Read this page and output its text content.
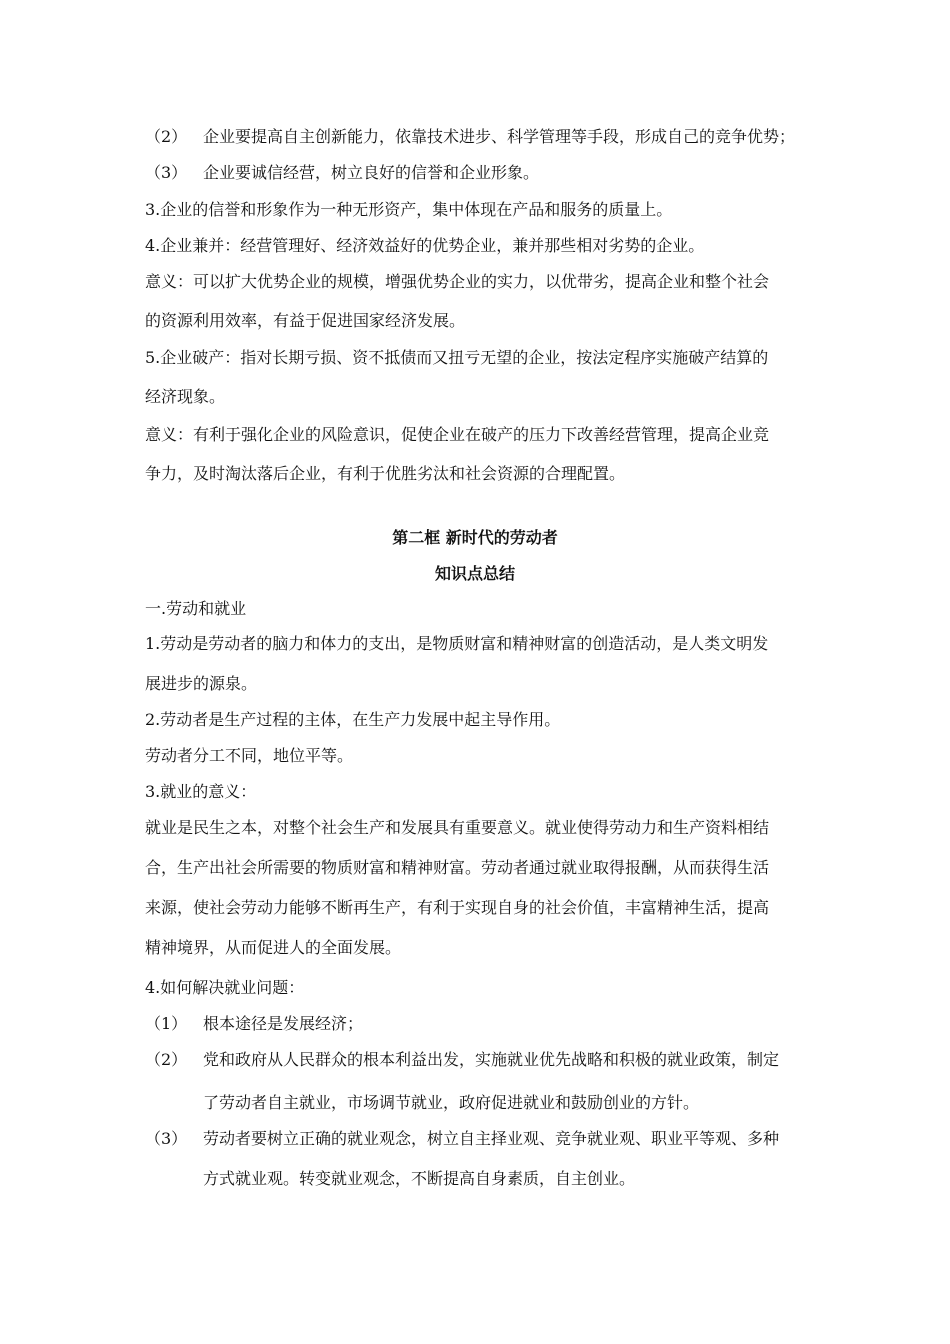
（2） 企业要提高自主创新能力，依靠技术进步、科学管理等手段，形成自己的竞争优势；
（3） 企业要诚信经营，树立良好的信誉和企业形象。
3.企业的信誉和形象作为一种无形资产，集中体现在产品和服务的质量上。
4.企业兼并：经营管理好、经济效益好的优势企业，兼并那些相对劣势的企业。
意义：可以扩大优势企业的规模，增强优势企业的实力，以优带劣，提高企业和整个社会
的资源利用效率，有益于促进国家经济发展。
5.企业破产：指对长期亏损、资不抵债而又扭亏无望的企业，按法定程序实施破产结算的
经济现象。
意义：有利于强化企业的风险意识，促使企业在破产的压力下改善经营管理，提高企业竞
争力，及时淘汰落后企业，有利于优胜劣汰和社会资源的合理配置。
第二框 新时代的劳动者
知识点总结
一.劳动和就业
1.劳动是劳动者的脑力和体力的支出，是物质财富和精神财富的创造活动，是人类文明发
展进步的源泉。
2.劳动者是生产过程的主体，在生产力发展中起主导作用。
劳动者分工不同，地位平等。
3.就业的意义：
就业是民生之本，对整个社会生产和发展具有重要意义。就业使得劳动力和生产资料相结
合，生产出社会所需要的物质财富和精神财富。劳动者通过就业取得报酬，从而获得生活
来源，使社会劳动力能够不断再生产，有利于实现自身的社会价值，丰富精神生活，提高
精神境界，从而促进人的全面发展。
4.如何解决就业问题：
（1） 根本途径是发展经济；
（2） 党和政府从人民群众的根本利益出发，实施就业优先战略和积极的就业政策，制定
了劳动者自主就业，市场调节就业，政府促进就业和鼓励创业的方针。
（3） 劳动者要树立正确的就业观念，树立自主择业观、竞争就业观、职业平等观、多种
方式就业观。转变就业观念，不断提高自身素质，自主创业。
